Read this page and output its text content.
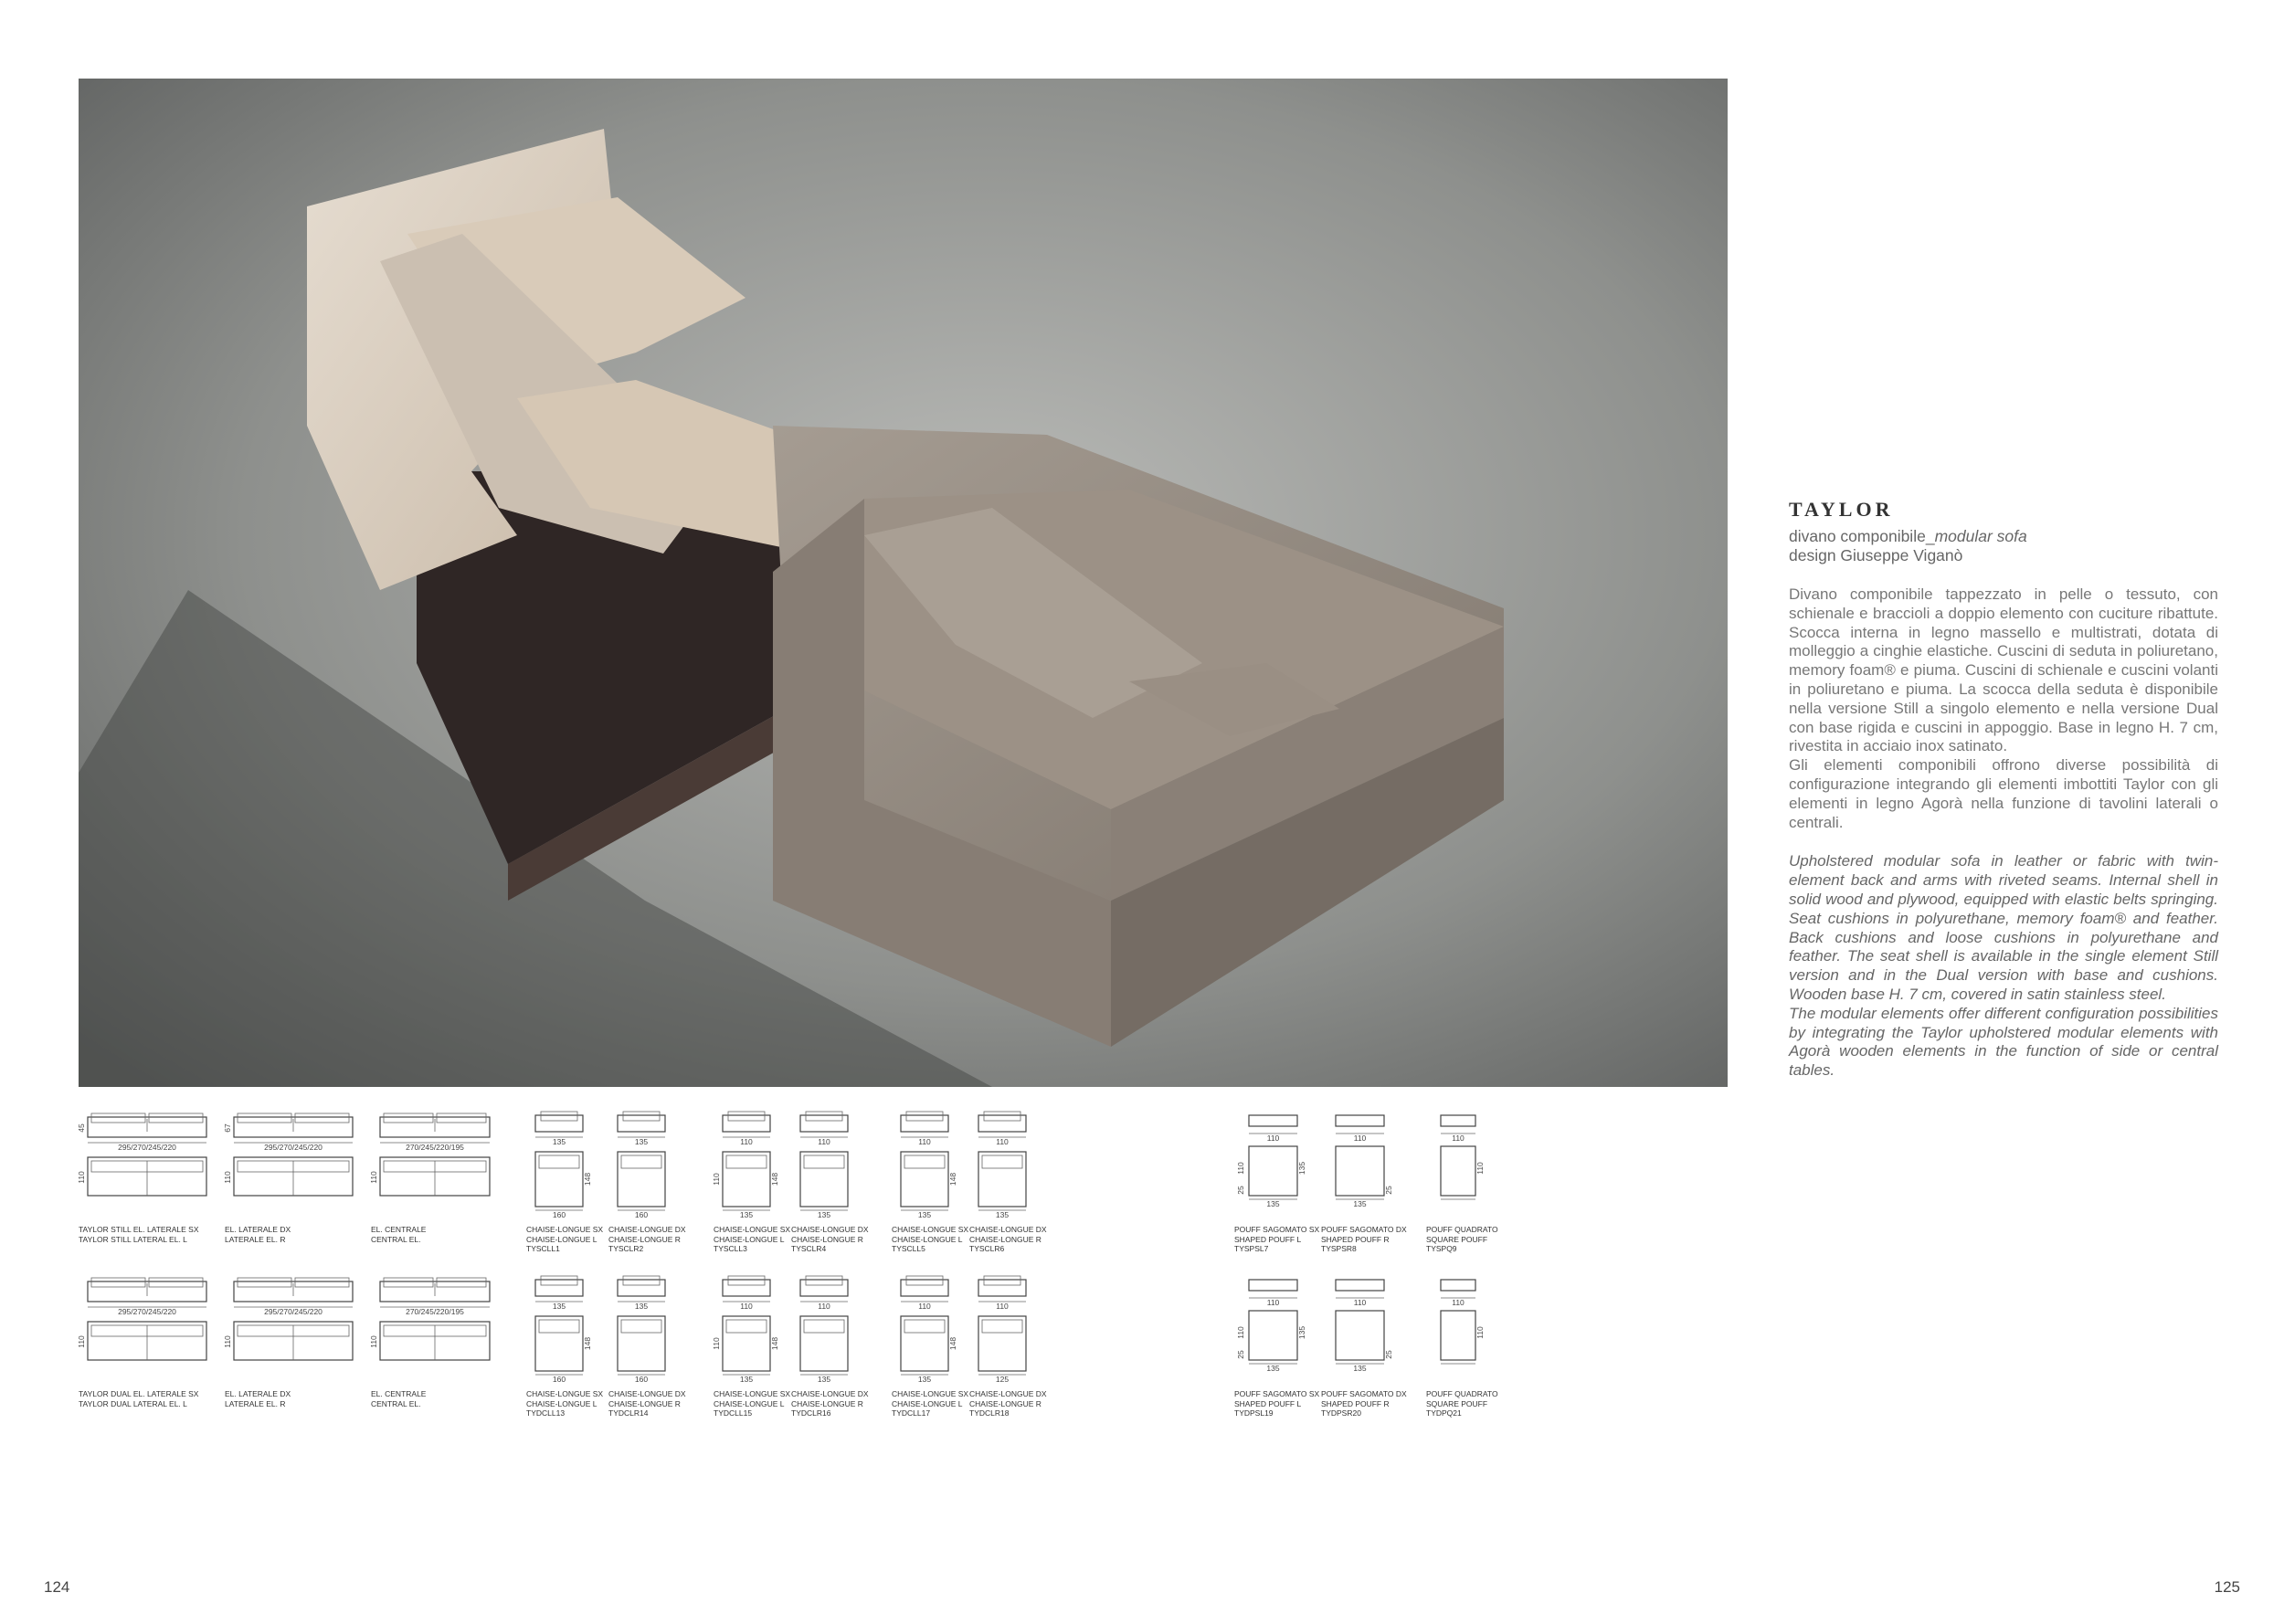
TAYLOR

divano componibile_modular sofa

design Giuseppe Viganò

Divano componibile tappezzato in pelle o tessuto, con schienale e braccioli a doppio elemento con cuciture ribattute. Scocca interna in legno massello e multistrati, dotata di molleggio a cinghie elastiche. Cuscini di seduta in poliuretano, memory foam® e piuma. Cuscini di schienale e cuscini volanti in poliuretano e piuma. La scocca della seduta è disponibile nella versione Still a singolo elemento e nella versione Dual con base rigida e cuscini in appoggio. Base in legno H. 7 cm, rivestita in acciaio inox satinato.

Gli elementi componibili offrono diverse possibilità di configurazione integrando gli elementi imbottiti Taylor con gli elementi in legno Agorà nella funzione di tavolini laterali o centrali.

Upholstered modular sofa in leather or fabric with twin-element back and arms with riveted seams. Internal shell in solid wood and plywood, equipped with elastic belts springing. Seat cushions in polyurethane, memory foam® and feather. Back cushions and loose cushions in polyurethane and feather. The seat shell is available in the single element Still version and in the Dual version with base and cushions. Wooden base H. 7 cm, covered in satin stainless steel.

The modular elements offer different configuration possibilities by integrating the Taylor upholstered modular elements with Agorà wooden elements in the function of side or central tables.

45
295/270/245/220
110
TAYLOR STILL EL. LATERALE SX
TAYLOR STILL LATERAL EL. L
67
295/270/245/220
110
EL. LATERALE DX
LATERALE EL. R
270/245/220/195
110
EL. CENTRALE
CENTRAL EL.
135
148
160
CHAISE-LONGUE SX
CHAISE-LONGUE L
TYSCLL1
135
160
CHAISE-LONGUE DX
CHAISE-LONGUE R
TYSCLR2
110
148
110
135
CHAISE-LONGUE SX
CHAISE-LONGUE L
TYSCLL3
110
135
CHAISE-LONGUE DX
CHAISE-LONGUE R
TYSCLR4
110
148
135
CHAISE-LONGUE SX
CHAISE-LONGUE L
TYSCLL5
110
135
CHAISE-LONGUE DX
CHAISE-LONGUE R
TYSCLR6
110
110
25
135
135
POUFF SAGOMATO SX
SHAPED POUFF L
TYSPSL7
110
25
135
POUFF SAGOMATO DX
SHAPED POUFF R
TYSPSR8
110
110
POUFF QUADRATO
SQUARE POUFF
TYSPQ9
295/270/245/220
110
TAYLOR DUAL EL. LATERALE SX
TAYLOR DUAL LATERAL EL. L
295/270/245/220
110
EL. LATERALE DX
LATERALE EL. R
270/245/220/195
110
EL. CENTRALE
CENTRAL EL.
135
148
160
CHAISE-LONGUE SX
CHAISE-LONGUE L
TYDCLL13
135
160
CHAISE-LONGUE DX
CHAISE-LONGUE R
TYDCLR14
110
148
110
135
CHAISE-LONGUE SX
CHAISE-LONGUE L
TYDCLL15
110
135
CHAISE-LONGUE DX
CHAISE-LONGUE R
TYDCLR16
110
148
135
CHAISE-LONGUE SX
CHAISE-LONGUE L
TYDCLL17
110
125
CHAISE-LONGUE DX
CHAISE-LONGUE R
TYDCLR18
110
110
25
135
135
POUFF SAGOMATO SX
SHAPED POUFF L
TYDPSL19
110
25
135
POUFF SAGOMATO DX
SHAPED POUFF R
TYDPSR20
110
110
POUFF QUADRATO
SQUARE POUFF
TYDPQ21
124	125
